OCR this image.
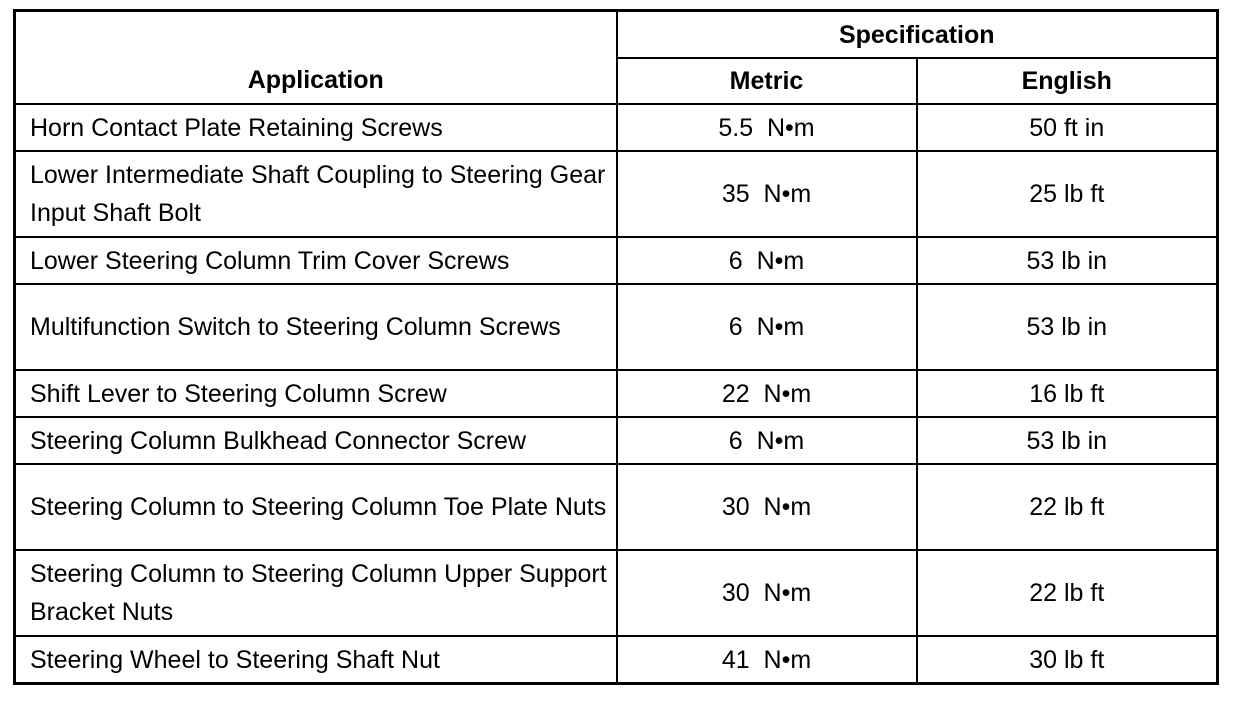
Application	Specification	
	Metric	English
Horn Contact Plate Retaining Screws	5.5  N•m	50 ft in
Lower Intermediate Shaft Coupling to Steering Gear Input Shaft Bolt	35  N•m	25 lb ft
Lower Steering Column Trim Cover Screws	6  N•m	53 lb in
Multifunction Switch to Steering Column Screws	6  N•m	53 lb in
Shift Lever to Steering Column Screw	22  N•m	16 lb ft
Steering Column Bulkhead Connector Screw	6  N•m	53 lb in
Steering Column to Steering Column Toe Plate Nuts	30  N•m	22 lb ft
Steering Column to Steering Column Upper Support Bracket Nuts	30  N•m	22 lb ft
Steering Wheel to Steering Shaft Nut	41  N•m	30 lb ft
